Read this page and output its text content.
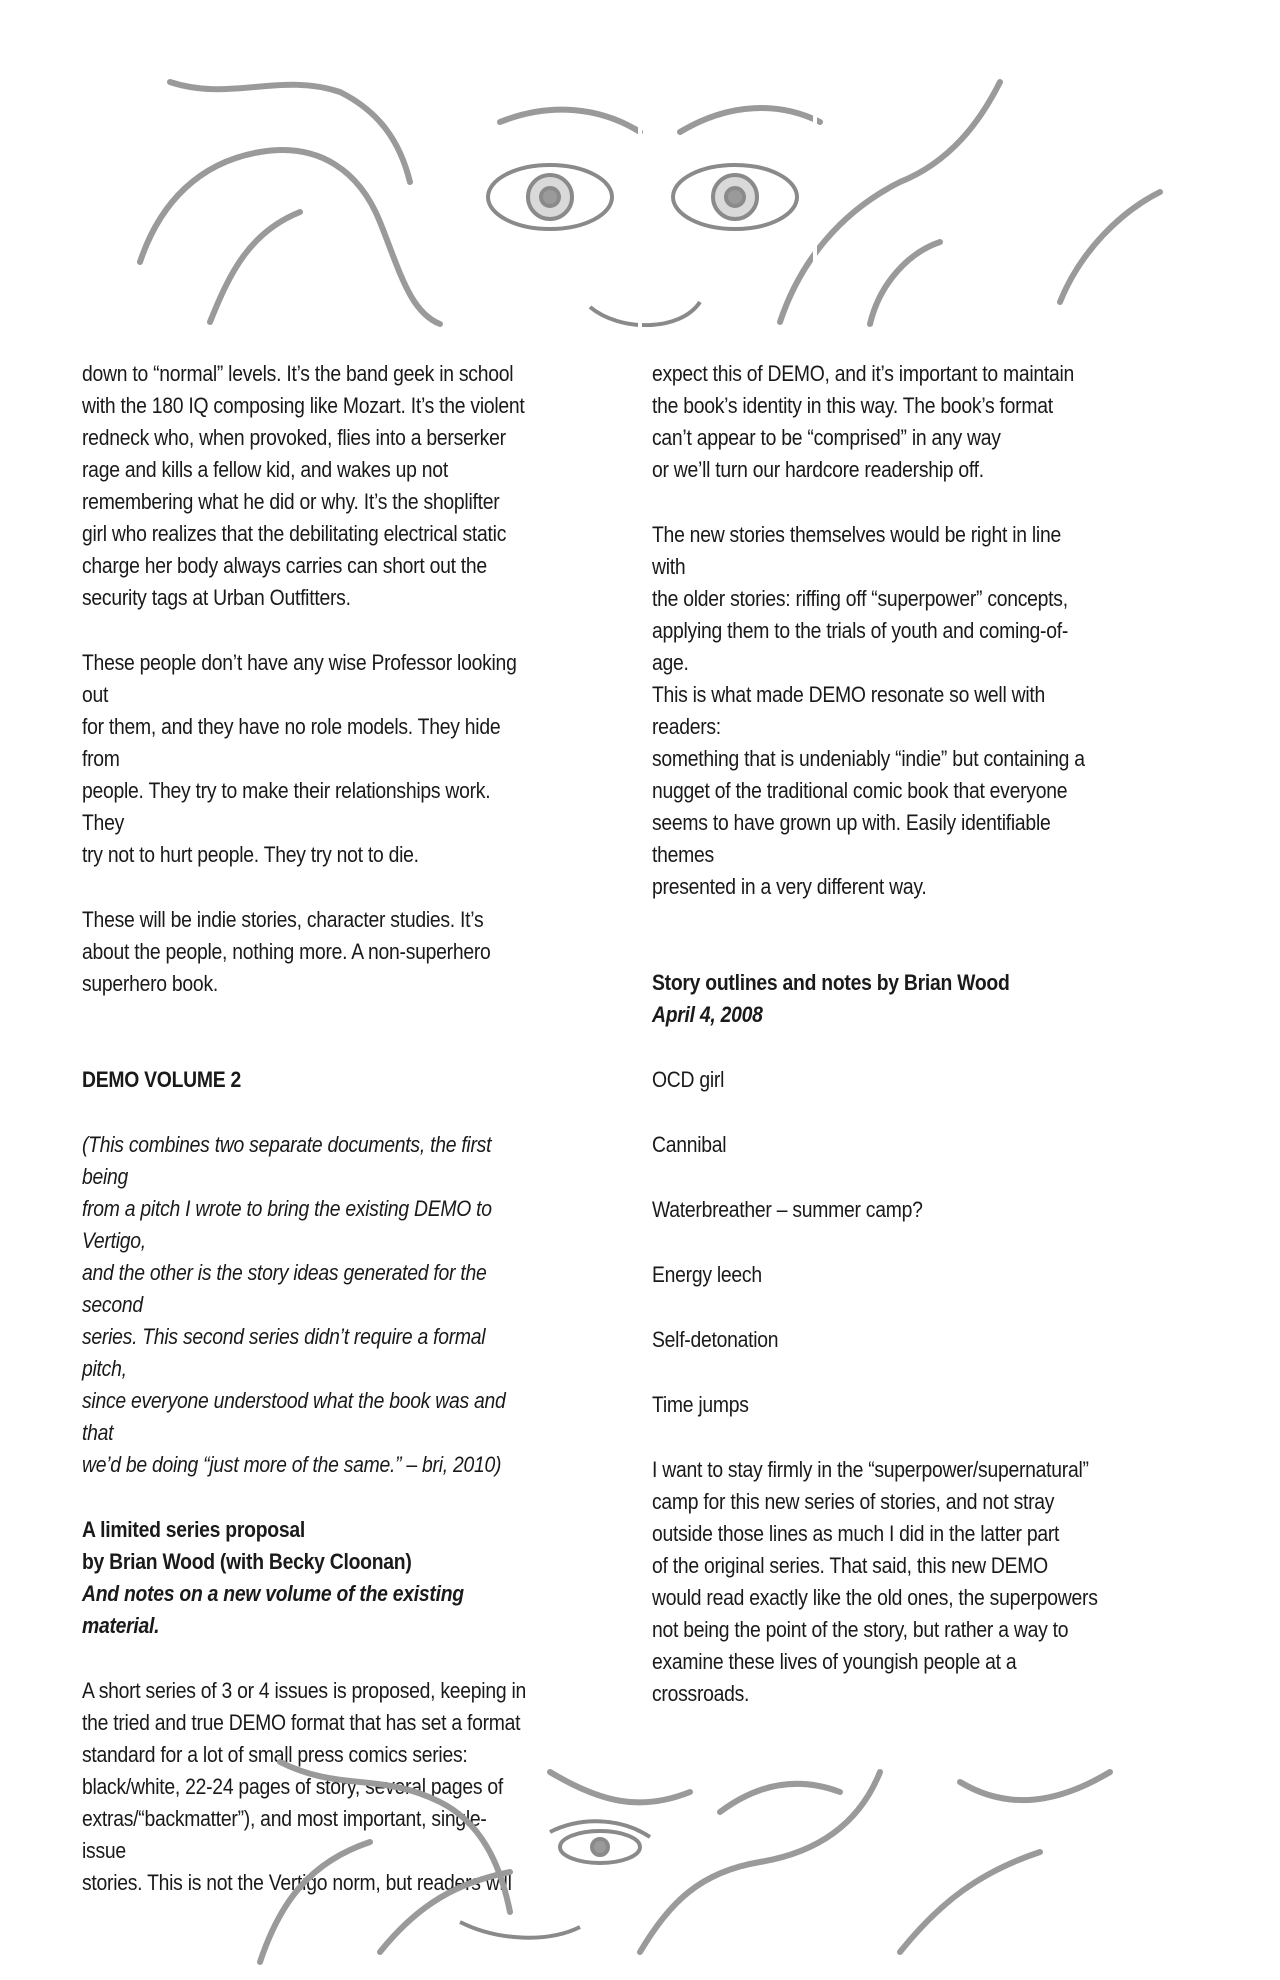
down to “normal” levels. It’s the band geek in school
with the 180 IQ composing like Mozart. It’s the violent
redneck who, when provoked, flies into a berserker
rage and kills a fellow kid, and wakes up not
remembering what he did or why. It’s the shoplifter
girl who realizes that the debilitating electrical static
charge her body always carries can short out the
security tags at Urban Outfitters.

These people don’t have any wise Professor looking out
for them, and they have no role models. They hide from
people. They try to make their relationships work. They
try not to hurt people. They try not to die.

These will be indie stories, character studies. It’s
about the people, nothing more. A non-superhero
superhero book.

DEMO VOLUME 2

(This combines two separate documents, the first being
from a pitch I wrote to bring the existing DEMO to Vertigo,
and the other is the story ideas generated for the second
series. This second series didn’t require a formal pitch,
since everyone understood what the book was and that
we’d be doing “just more of the same.” – bri, 2010)

A limited series proposal
by Brian Wood (with Becky Cloonan)
And notes on a new volume of the existing material.

A short series of 3 or 4 issues is proposed, keeping in
the tried and true DEMO format that has set a format
standard for a lot of small press comics series:
black/white, 22-24 pages of story, several pages of
extras/“backmatter”), and most important, single-issue
stories. This is not the Vertigo norm, but readers will

expect this of DEMO, and it’s important to maintain
the book’s identity in this way. The book’s format
can’t appear to be “comprised” in any way
or we’ll turn our hardcore readership off.

The new stories themselves would be right in line with
the older stories: riffing off “superpower” concepts,
applying them to the trials of youth and coming-of-age.
This is what made DEMO resonate so well with readers:
something that is undeniably “indie” but containing a
nugget of the traditional comic book that everyone
seems to have grown up with. Easily identifiable themes
presented in a very different way.

Story outlines and notes by Brian Wood
April 4, 2008

OCD girl

Cannibal

Waterbreather – summer camp?

Energy leech

Self-detonation

Time jumps

I want to stay firmly in the “superpower/supernatural”
camp for this new series of stories, and not stray
outside those lines as much I did in the latter part
of the original series. That said, this new DEMO
would read exactly like the old ones, the superpowers
not being the point of the story, but rather a way to
examine these lives of youngish people at a crossroads.
